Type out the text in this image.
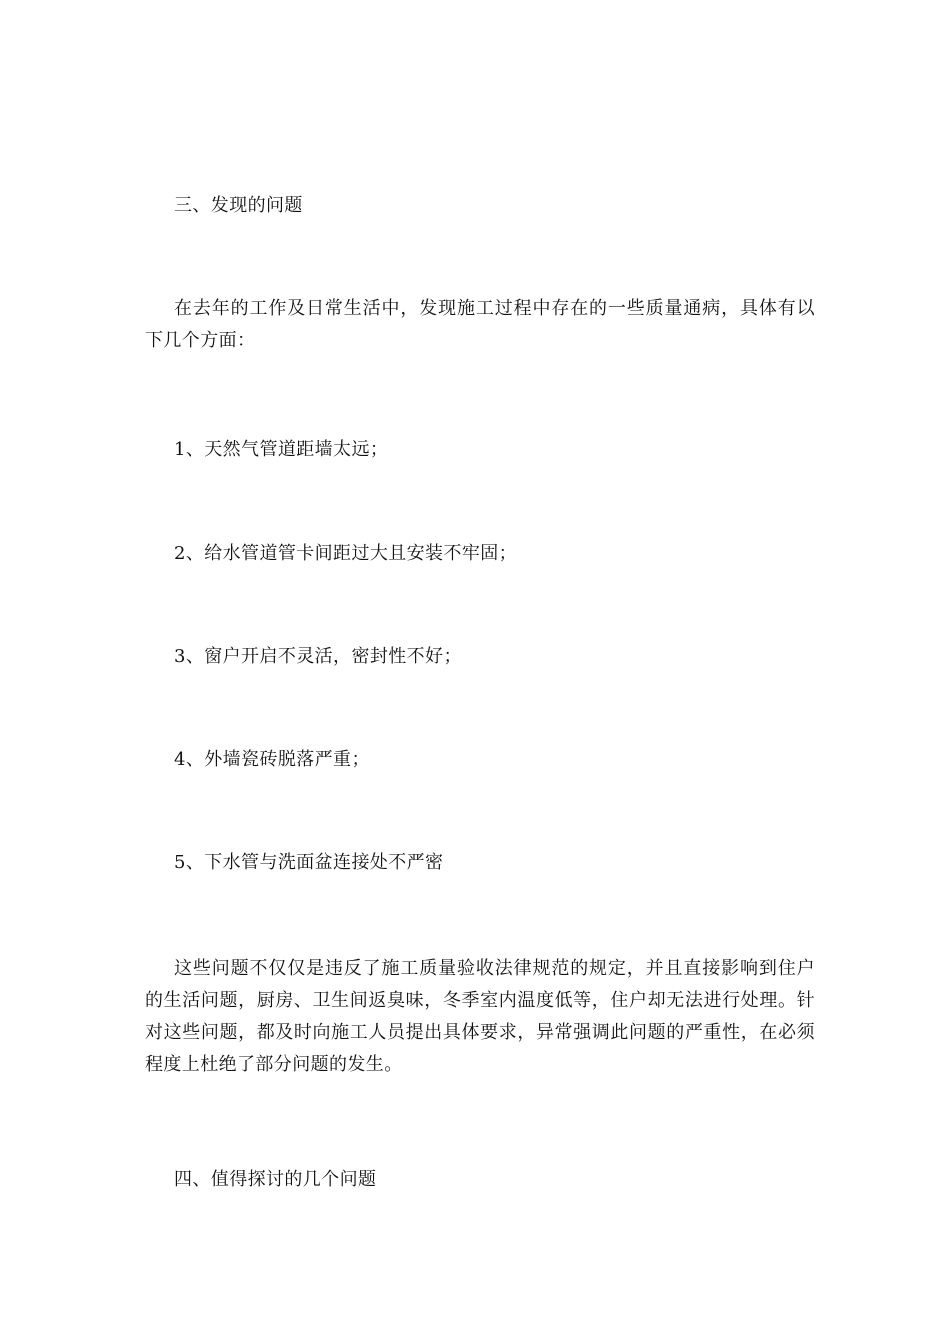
三、发现的问题

在去年的工作及日常生活中，发现施工过程中存在的一些质量通病，具体有以下几个方面：

1、天然气管道距墙太远；
2、给水管道管卡间距过大且安装不牢固；
3、窗户开启不灵活，密封性不好；
4、外墙瓷砖脱落严重；
5、下水管与洗面盆连接处不严密

这些问题不仅仅是违反了施工质量验收法律规范的规定，并且直接影响到住户的生活问题，厨房、卫生间返臭味，冬季室内温度低等，住户却无法进行处理。针对这些问题，都及时向施工人员提出具体要求，异常强调此问题的严重性，在必须程度上杜绝了部分问题的发生。

四、值得探讨的几个问题
